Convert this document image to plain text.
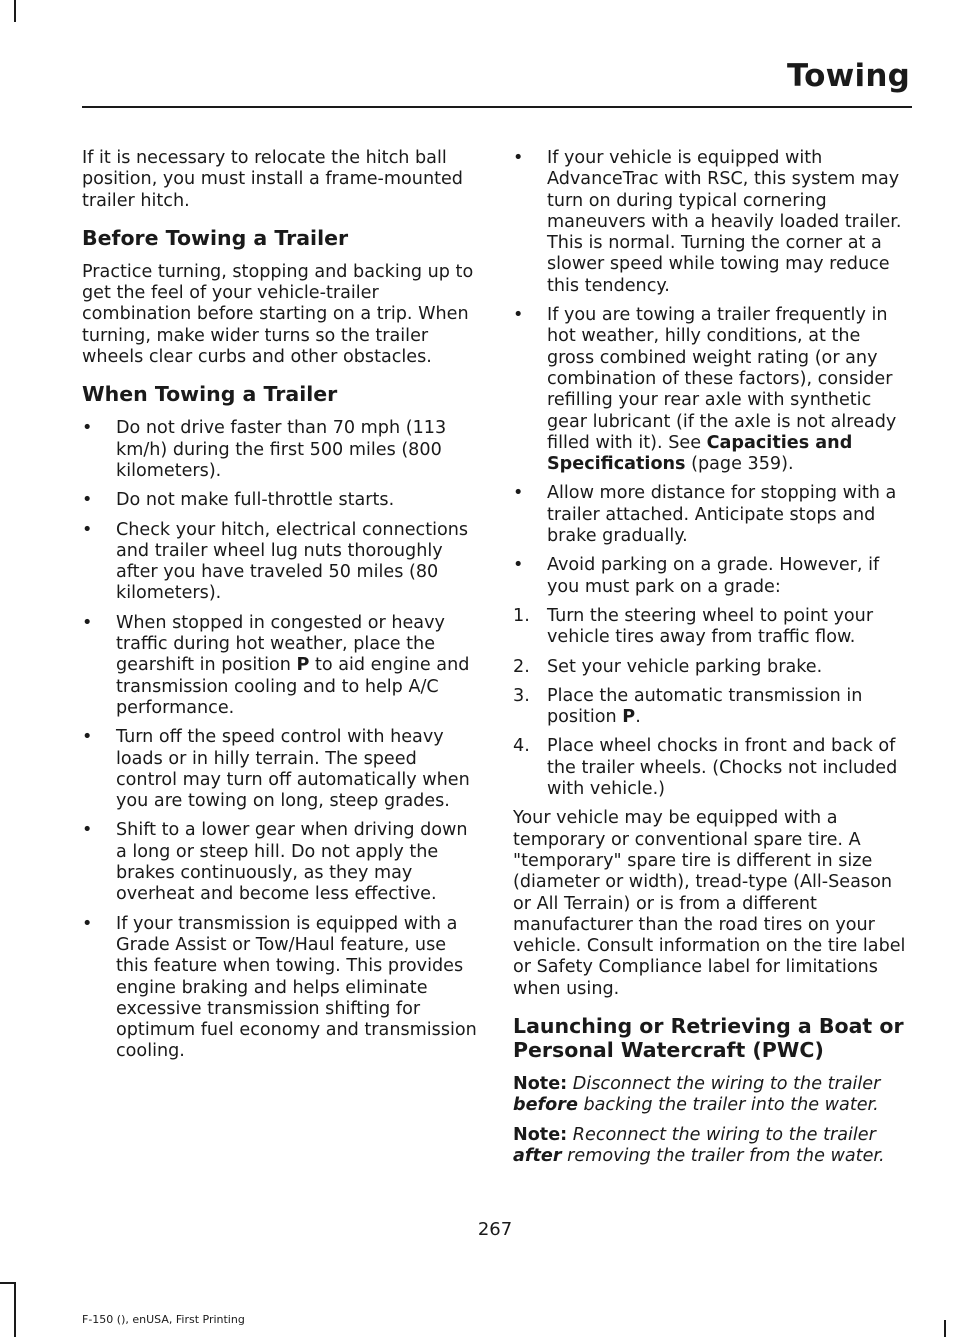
Towing

If it is necessary to relocate the hitch ball position, you must install a frame-mounted trailer hitch.

Before Towing a Trailer

Practice turning, stopping and backing up to get the feel of your vehicle-trailer combination before starting on a trip. When turning, make wider turns so the trailer wheels clear curbs and other obstacles.

When Towing a Trailer
• Do not drive faster than 70 mph (113 km/h) during the first 500 miles (800 kilometers).
• Do not make full-throttle starts.
• Check your hitch, electrical connections and trailer wheel lug nuts thoroughly after you have traveled 50 miles (80 kilometers).
• When stopped in congested or heavy traffic during hot weather, place the gearshift in position P to aid engine and transmission cooling and to help A/C performance.
• Turn off the speed control with heavy loads or in hilly terrain. The speed control may turn off automatically when you are towing on long, steep grades.
• Shift to a lower gear when driving down a long or steep hill. Do not apply the brakes continuously, as they may overheat and become less effective.
• If your transmission is equipped with a Grade Assist or Tow/Haul feature, use this feature when towing. This provides engine braking and helps eliminate excessive transmission shifting for optimum fuel economy and transmission cooling.
• If your vehicle is equipped with AdvanceTrac with RSC, this system may turn on during typical cornering maneuvers with a heavily loaded trailer. This is normal. Turning the corner at a slower speed while towing may reduce this tendency.
• If you are towing a trailer frequently in hot weather, hilly conditions, at the gross combined weight rating (or any combination of these factors), consider refilling your rear axle with synthetic gear lubricant (if the axle is not already filled with it). See Capacities and Specifications (page 359).
• Allow more distance for stopping with a trailer attached. Anticipate stops and brake gradually.
• Avoid parking on a grade. However, if you must park on a grade:
1. Turn the steering wheel to point your vehicle tires away from traffic flow.
2. Set your vehicle parking brake.
3. Place the automatic transmission in position P.
4. Place wheel chocks in front and back of the trailer wheels. (Chocks not included with vehicle.)

Your vehicle may be equipped with a temporary or conventional spare tire. A "temporary" spare tire is different in size (diameter or width), tread-type (All-Season or All Terrain) or is from a different manufacturer than the road tires on your vehicle. Consult information on the tire label or Safety Compliance label for limitations when using.

Launching or Retrieving a Boat or Personal Watercraft (PWC)

Note: Disconnect the wiring to the trailer before backing the trailer into the water.

Note: Reconnect the wiring to the trailer after removing the trailer from the water.

267
F-150 (), enUSA, First Printing
